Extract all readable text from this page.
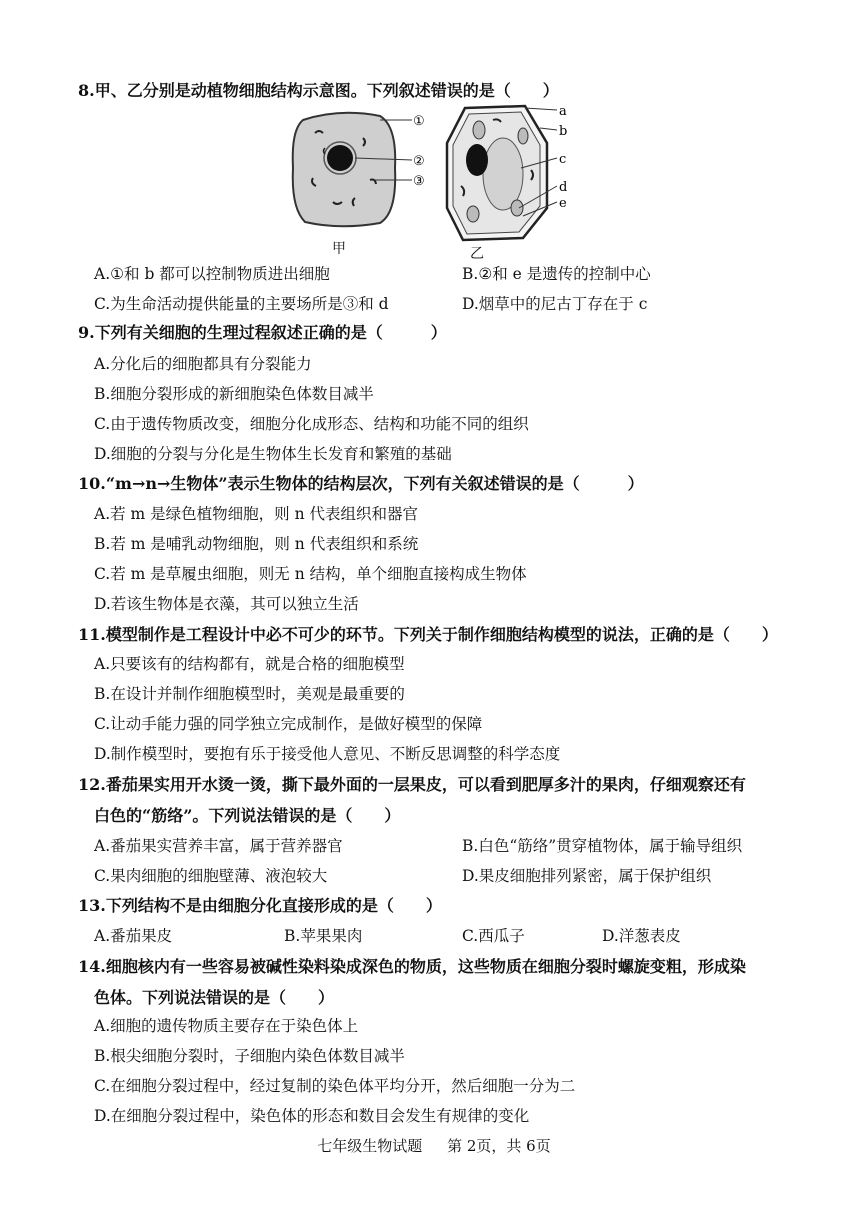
8.甲、乙分别是动植物细胞结构示意图。下列叙述错误的是（　　）
①
②
③
a
b
c
d
e
甲	乙
A.①和 b 都可以控制物质进出细胞	B.②和 e 是遗传的控制中心
C.为生命活动提供能量的主要场所是③和 d	D.烟草中的尼古丁存在于 c
9.下列有关细胞的生理过程叙述正确的是（　　　）
A.分化后的细胞都具有分裂能力
B.细胞分裂形成的新细胞染色体数目减半
C.由于遗传物质改变，细胞分化成形态、结构和功能不同的组织
D.细胞的分裂与分化是生物体生长发育和繁殖的基础
10.“m→n→生物体”表示生物体的结构层次，下列有关叙述错误的是（　　　）
A.若 m 是绿色植物细胞，则 n 代表组织和器官
B.若 m 是哺乳动物细胞，则 n 代表组织和系统
C.若 m 是草履虫细胞，则无 n 结构，单个细胞直接构成生物体
D.若该生物体是衣藻，其可以独立生活
11.模型制作是工程设计中必不可少的环节。下列关于制作细胞结构模型的说法，正确的是（　　）
A.只要该有的结构都有，就是合格的细胞模型
B.在设计并制作细胞模型时，美观是最重要的
C.让动手能力强的同学独立完成制作，是做好模型的保障
D.制作模型时，要抱有乐于接受他人意见、不断反思调整的科学态度
12.番茄果实用开水烫一烫，撕下最外面的一层果皮，可以看到肥厚多汁的果肉，仔细观察还有
白色的“筋络”。下列说法错误的是（　　）
A.番茄果实营养丰富，属于营养器官	B.白色“筋络”贯穿植物体，属于输导组织
C.果肉细胞的细胞壁薄、液泡较大	D.果皮细胞排列紧密，属于保护组织
13.下列结构不是由细胞分化直接形成的是（　　）
A.番茄果皮	B.苹果果肉	C.西瓜子	D.洋葱表皮
14.细胞核内有一些容易被碱性染料染成深色的物质，这些物质在细胞分裂时螺旋变粗，形成染
色体。下列说法错误的是（　　）
A.细胞的遗传物质主要存在于染色体上
B.根尖细胞分裂时，子细胞内染色体数目减半
C.在细胞分裂过程中，经过复制的染色体平均分开，然后细胞一分为二
D.在细胞分裂过程中，染色体的形态和数目会发生有规律的变化
七年级生物试题 第 2页，共 6页
